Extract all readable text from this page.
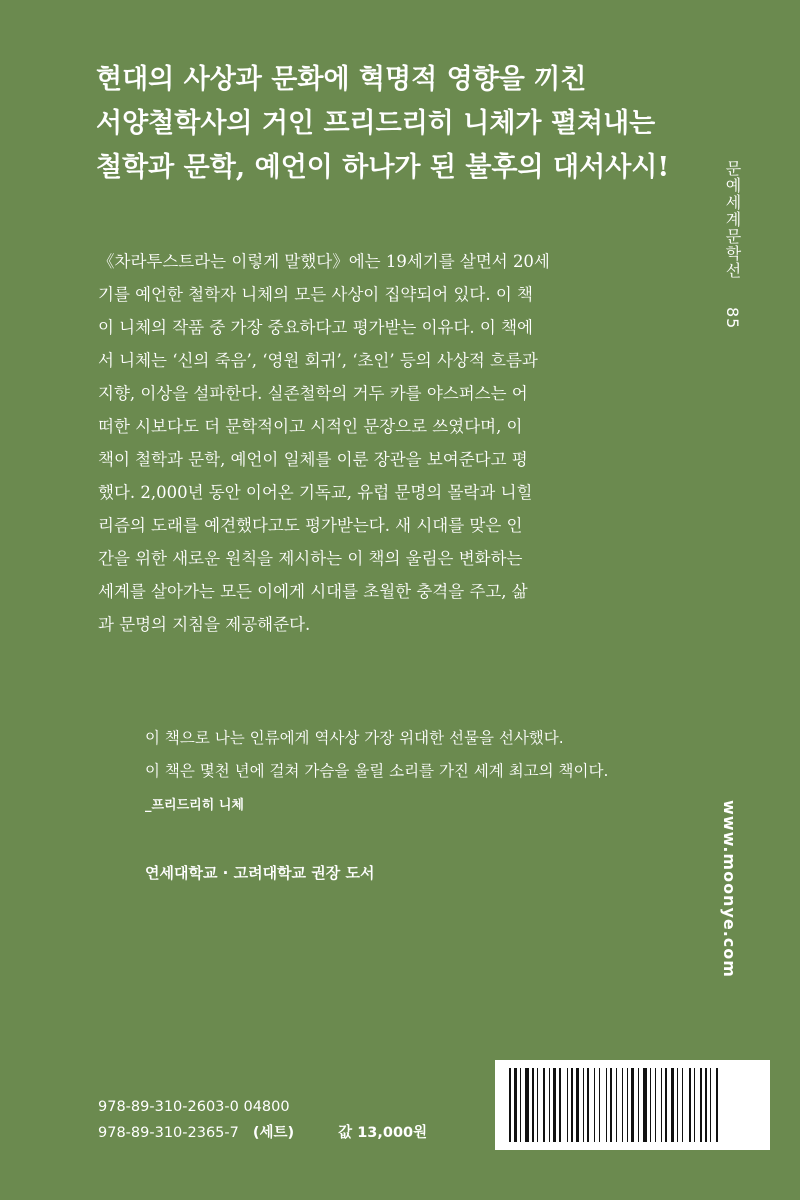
현대의 사상과 문화에 혁명적 영향을 끼친
서양철학사의 거인 프리드리히 니체가 펼쳐내는
철학과 문학, 예언이 하나가 된 불후의 대서사시!
《차라투스트라는 이렇게 말했다》에는 19세기를 살면서 20세
기를 예언한 철학자 니체의 모든 사상이 집약되어 있다. 이 책
이 니체의 작품 중 가장 중요하다고 평가받는 이유다. 이 책에
서 니체는 ‘신의 죽음’, ‘영원 회귀’, ‘초인’ 등의 사상적 흐름과
지향, 이상을 설파한다. 실존철학의 거두 카를 야스퍼스는 어
떠한 시보다도 더 문학적이고 시적인 문장으로 쓰였다며, 이
책이 철학과 문학, 예언이 일체를 이룬 장관을 보여준다고 평
했다. 2,000년 동안 이어온 기독교, 유럽 문명의 몰락과 니힐
리즘의 도래를 예견했다고도 평가받는다. 새 시대를 맞은 인
간을 위한 새로운 원칙을 제시하는 이 책의 울림은 변화하는
세계를 살아가는 모든 이에게 시대를 초월한 충격을 주고, 삶
과 문명의 지침을 제공해준다.
이 책으로 나는 인류에게 역사상 가장 위대한 선물을 선사했다.
이 책은 몇천 년에 걸쳐 가슴을 울릴 소리를 가진 세계 최고의 책이다.
_프리드리히 니체
연세대학교 · 고려대학교 권장 도서
문예세계문학선 85
www.moonye.com
978-89-310-2603-0 04800
978-89-310-2365-7 (세트)	값 13,000원
